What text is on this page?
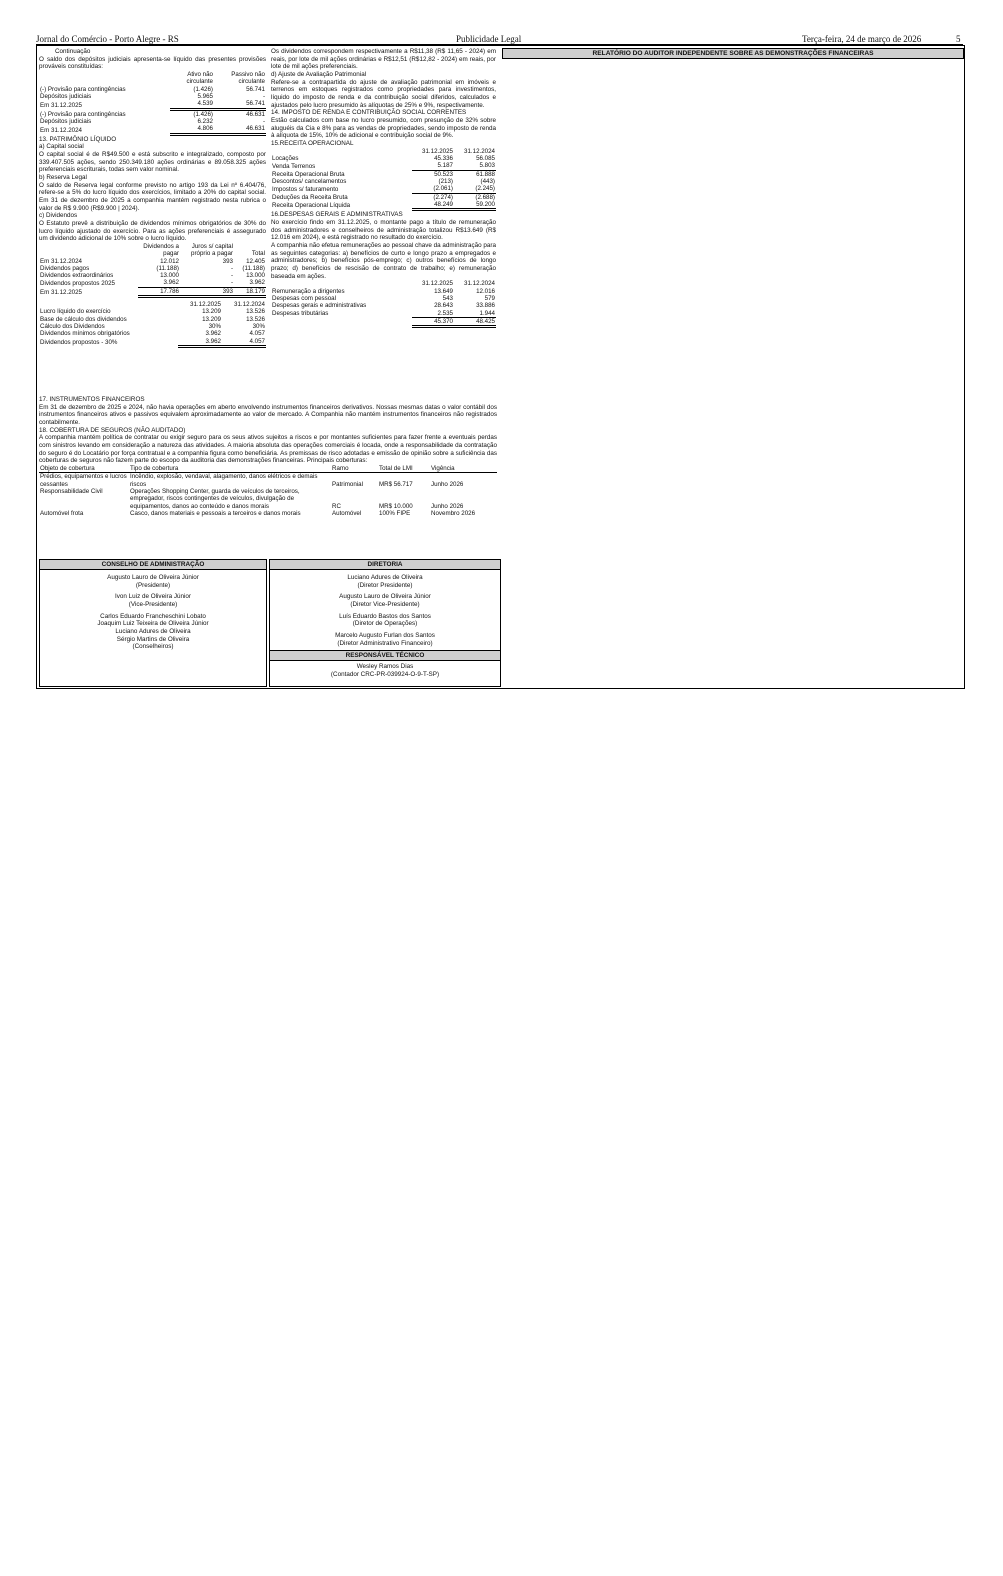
Jornal do Comércio - Porto Alegre - RS	Publicidade Legal	Terça-feira, 24 de março de 2026	5
Continuação

O saldo dos depósitos judiciais apresenta-se líquido das presentes provisões prováveis constituídas:

	Ativo não circulante	Passivo não circulante
(-) Provisão para contingências	(1.426)	56.741
Depósitos judiciais	5.965	-
Em 31.12.2025	4.539	56.741
(-) Provisão para contingências	(1.426)	46.631
Depósitos judiciais	6.232	-
Em 31.12.2024	4.806	46.631
13. PATRIMÔNIO LÍQUIDO
a) Capital social

O capital social é de R$49.500 e está subscrito e integralizado, composto por 339.407.505 ações, sendo 250.349.180 ações ordinárias e 89.058.325 ações preferenciais escriturais, todas sem valor nominal.

b) Reserva Legal

O saldo de Reserva legal conforme previsto no artigo 193 da Lei nº 6.404/76, refere-se a 5% do lucro líquido dos exercícios, limitado a 20% do capital social. Em 31 de dezembro de 2025 a companhia mantém registrado nesta rubrica o valor de R$ 9.900 (R$9.900 | 2024).

c) Dividendos

O Estatuto prevê a distribuição de dividendos mínimos obrigatórios de 30% do lucro líquido ajustado do exercício. Para as ações preferenciais é assegurado um dividendo adicional de 10% sobre o lucro líquido.

	Dividendos a pagar	Juros s/ capital próprio a pagar	Total
Em 31.12.2024	12.012	393	12.405
Dividendos pagos	(11.188)	-	(11.188)
Dividendos extraordinários	13.000	-	13.000
Dividendos propostos 2025	3.962	-	3.962
Em 31.12.2025	17.786	393	18.179
	31.12.2025	31.12.2024
Lucro líquido do exercício	13.209	13.526
Base de cálculo dos dividendos	13.209	13.526
Cálculo dos Dividendos	30%	30%
Dividendos mínimos obrigatórios	3.962	4.057
Dividendos propostos - 30%	3.962	4.057

Os dividendos correspondem respectivamente a R$11,38 (R$ 11,65 - 2024) em reais, por lote de mil ações ordinárias e R$12,51 (R$12,82 - 2024) em reais, por lote de mil ações preferenciais.

d) Ajuste de Avaliação Patrimonial

Refere-se a contrapartida do ajuste de avaliação patrimonial em imóveis e terrenos em estoques registrados como propriedades para investimentos, líquido do imposto de renda e da contribuição social diferidos, calculados e ajustados pelo lucro presumido às alíquotas de 25% e 9%, respectivamente.

14. IMPOSTO DE RENDA E CONTRIBUIÇÃO SOCIAL CORRENTES

Estão calculados com base no lucro presumido, com presunção de 32% sobre aluguéis da Cia e 8% para as vendas de propriedades, sendo imposto de renda à alíquota de 15%, 10% de adicional e contribuição social de 9%.

15.RECEITA OPERACIONAL
	31.12.2025	31.12.2024
Locações	45.336	56.085
Venda Terrenos	5.187	5.803
Receita Operacional Bruta	50.523	61.888
Descontos/ cancelamentos	(213)	(443)
Impostos s/ faturamento	(2.061)	(2.245)
Deduções da Receita Bruta	(2.274)	(2.688)
Receita Operacional Líquida	48.249	59.200
16.DESPESAS GERAIS E ADMINISTRATIVAS

No exercício findo em 31.12.2025, o montante pago a título de remuneração dos administradores e conselheiros de administração totalizou R$13.649 (R$ 12.016 em 2024), e está registrado no resultado do exercício.

A companhia não efetua remunerações ao pessoal chave da administração para as seguintes categorias: a) benefícios de curto e longo prazo a empregados e administradores; b) benefícios pós-emprego; c) outros benefícios de longo prazo; d) benefícios de rescisão de contrato de trabalho; e) remuneração baseada em ações.

	31.12.2025	31.12.2024
Remuneração a dirigentes	13.649	12.016
Despesas com pessoal	543	579
Despesas gerais e administrativas	28.643	33.886
Despesas tributárias	2.535	1.944
	45.370	48.425
17. INSTRUMENTOS FINANCEIROS

Em 31 de dezembro de 2025 e 2024, não havia operações em aberto envolvendo instrumentos financeiros derivativos. Nossas mesmas datas o valor contábil dos instrumentos financeiros ativos e passivos equivalem aproximadamente ao valor de mercado. A Companhia não mantém instrumentos financeiros não registrados contabilmente.

18. COBERTURA DE SEGUROS (NÃO AUDITADO)

A companhia mantém política de contratar ou exigir seguro para os seus ativos sujeitos a riscos e por montantes suficientes para fazer frente a eventuais perdas com sinistros levando em consideração a natureza das atividades. A maioria absoluta das operações comerciais é locada, onde a responsabilidade da contratação do seguro é do Locatário por força contratual e a companhia figura como beneficiária. As premissas de risco adotadas e emissão de opinião sobre a suficiência das coberturas de seguros não fazem parte do escopo da auditoria das demonstrações financeiras. Principais coberturas:

Objeto de cobertura	Tipo de cobertura	Ramo	Total de LMI	Vigência
Prédios, equipamentos e lucros cessantes	Incêndio, explosão, vendaval, alagamento, danos elétricos e demais riscos	Patrimonial	MR$ 56.717	Junho 2026
Responsabilidade Civil	Operações Shopping Center, guarda de veículos de terceiros, empregador, riscos contingentes de veículos, divulgação de equipamentos, danos ao conteúdo e danos morais	RC	MR$ 10.000	Junho 2026
Automóvel frota	Casco, danos materiais e pessoais a terceiros e danos morais	Automóvel	100% FIPE	Novembro 2026
CONSELHO DE ADMINISTRAÇÃO
Augusto Lauro de Oliveira Júnior
(Presidente)
Ivon Luiz de Oliveira Júnior
(Vice-Presidente)
Carlos Eduardo Francheschini Lobato
Joaquim Luiz Teixeira de Oliveira Júnior
Luciano Adures de Oliveira
Sérgio Martins de Oliveira
(Conselheiros)
DIRETORIA
Luciano Adures de Oliveira
(Diretor Presidente)
Augusto Lauro de Oliveira Júnior
(Diretor Vice-Presidente)
Luís Eduardo Bastos dos Santos
(Diretor de Operações)
Marcelo Augusto Furlan dos Santos
(Diretor Administrativo Financeiro)
RESPONSÁVEL TÉCNICO
Wesley Ramos Dias
(Contador CRC-PR-039924-O-9-T-SP)
RELATÓRIO DO AUDITOR INDEPENDENTE SOBRE AS DEMONSTRAÇÕES FINANCEIRAS
